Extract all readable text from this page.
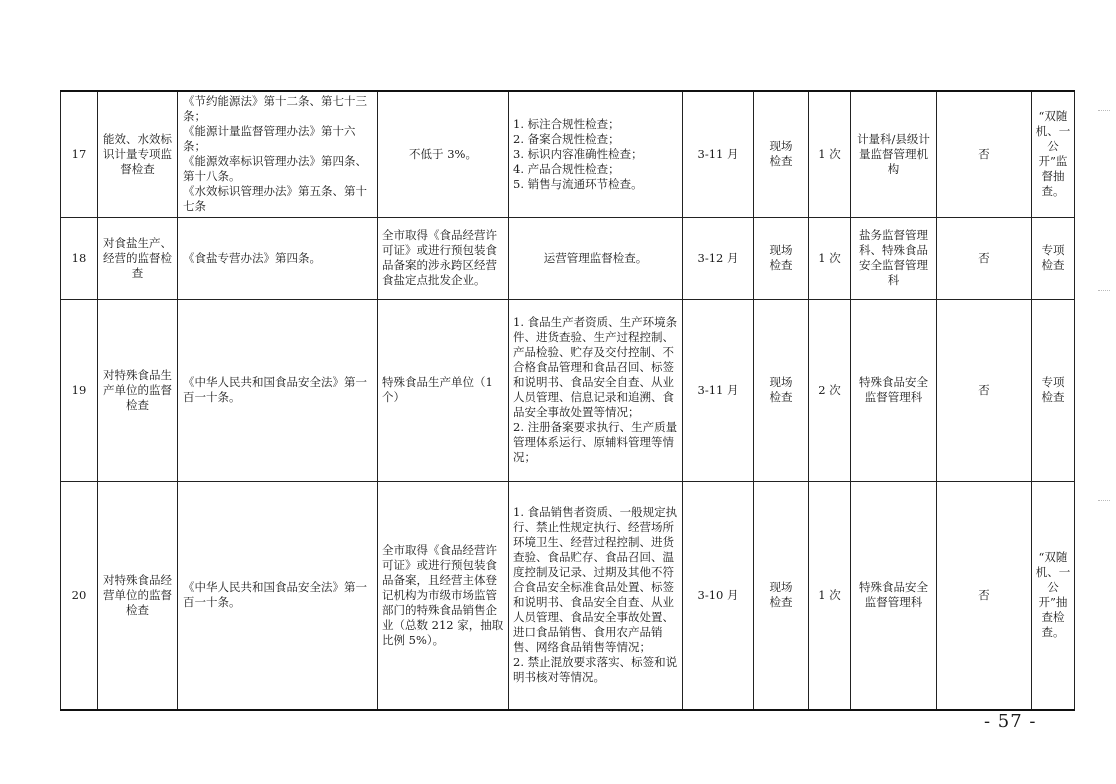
17	能效、水效标识计量专项监督检查	《节约能源法》第十二条、第七十三条；
《能源计量监督管理办法》第十六条；
《能源效率标识管理办法》第四条、第十八条。
《水效标识管理办法》第五条、第十七条	不低于 3%。	1. 标注合规性检查；
2. 备案合规性检查；
3. 标识内容准确性检查；
4. 产品合规性检查；
5. 销售与流通环节检查。	3-11 月	现场
检查	1 次	计量科/县级计量监督管理机构	否	“双随机、一公开”监督抽查。
18	对食盐生产、经营的监督检查	《食盐专营办法》第四条。	全市取得《食品经营许可证》或进行预包装食品备案的涉永跨区经营食盐定点批发企业。	运营管理监督检查。	3-12 月	现场
检查	1 次	盐务监督管理科、特殊食品安全监督管理科	否	专项
检查
19	对特殊食品生产单位的监督检查	《中华人民共和国食品安全法》第一百一十条。	特殊食品生产单位（1个）	1. 食品生产者资质、生产环境条件、进货查验、生产过程控制、产品检验、贮存及交付控制、不合格食品管理和食品召回、标签和说明书、食品安全自查、从业人员管理、信息记录和追溯、食品安全事故处置等情况；
2. 注册备案要求执行、生产质量管理体系运行、原辅料管理等情况；	3-11 月	现场
检查	2 次	特殊食品安全监督管理科	否	专项
检查
20	对特殊食品经营单位的监督检查	《中华人民共和国食品安全法》第一百一十条。	全市取得《食品经营许可证》或进行预包装食品备案，且经营主体登记机构为市级市场监管部门的特殊食品销售企业（总数 212 家，抽取比例 5%）。	1. 食品销售者资质、一般规定执行、禁止性规定执行、经营场所环境卫生、经营过程控制、进货查验、食品贮存、食品召回、温度控制及记录、过期及其他不符合食品安全标准食品处置、标签和说明书、食品安全自查、从业人员管理、食品安全事故处置、进口食品销售、食用农产品销售、网络食品销售等情况；
2. 禁止混放要求落实、标签和说明书核对等情况。	3-10 月	现场
检查	1 次	特殊食品安全监督管理科	否	“双随机、一公开”抽查检查。
- 57 -
